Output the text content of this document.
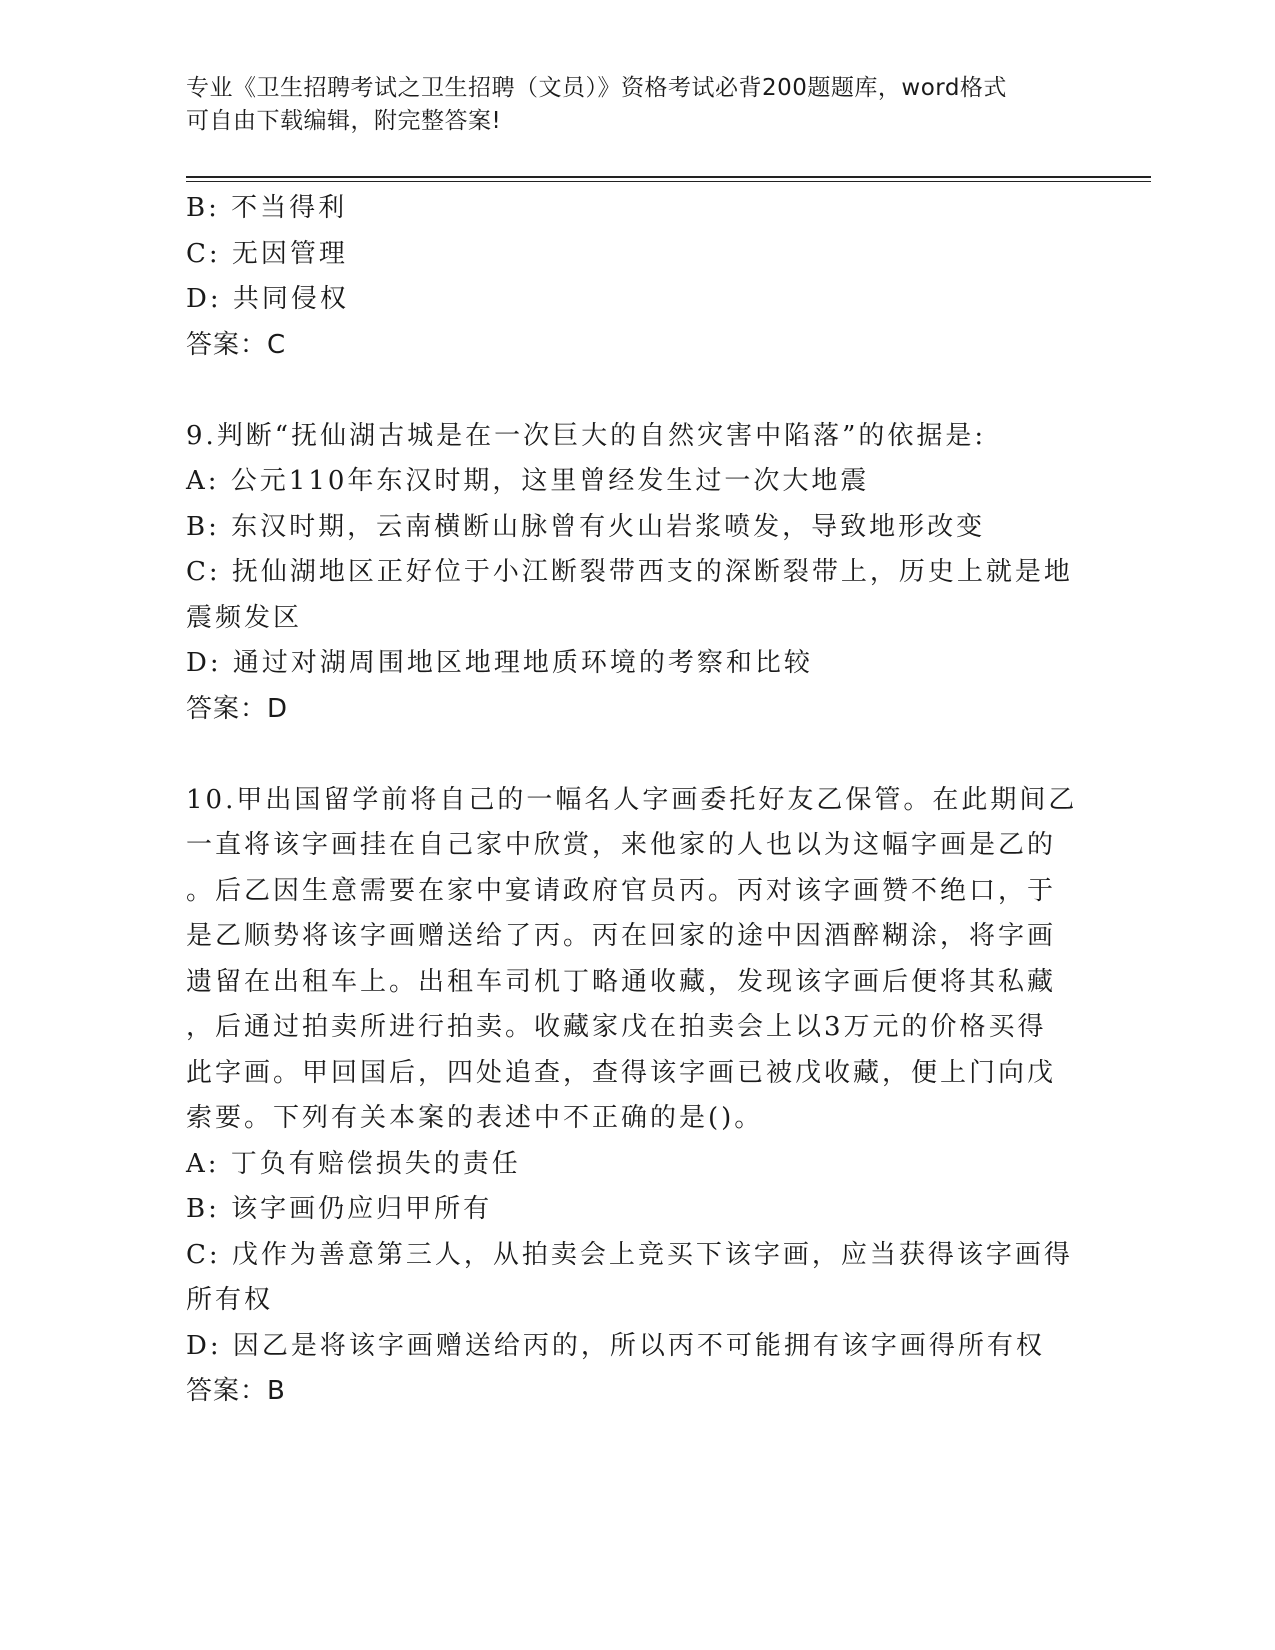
专业《卫生招聘考试之卫生招聘（文员）》资格考试必背200题题库，word格式
可自由下载编辑，附完整答案!

B: 不当得利

C: 无因管理

D: 共同侵权

答案：C

9.判断“抚仙湖古城是在一次巨大的自然灾害中陷落”的依据是:

A: 公元110年东汉时期，这里曾经发生过一次大地震

B: 东汉时期，云南横断山脉曾有火山岩浆喷发，导致地形改变

C: 抚仙湖地区正好位于小江断裂带西支的深断裂带上，历史上就是地

震频发区

D: 通过对湖周围地区地理地质环境的考察和比较

答案：D

10.甲出国留学前将自己的一幅名人字画委托好友乙保管。在此期间乙

一直将该字画挂在自己家中欣赏，来他家的人也以为这幅字画是乙的

。后乙因生意需要在家中宴请政府官员丙。丙对该字画赞不绝口，于

是乙顺势将该字画赠送给了丙。丙在回家的途中因酒醉糊涂，将字画

遗留在出租车上。出租车司机丁略通收藏，发现该字画后便将其私藏

，后通过拍卖所进行拍卖。收藏家戊在拍卖会上以3万元的价格买得

此字画。甲回国后，四处追查，查得该字画已被戊收藏，便上门向戊

索要。下列有关本案的表述中不正确的是()。

A: 丁负有赔偿损失的责任

B: 该字画仍应归甲所有

C: 戊作为善意第三人，从拍卖会上竞买下该字画，应当获得该字画得

所有权

D: 因乙是将该字画赠送给丙的，所以丙不可能拥有该字画得所有权

答案：B
